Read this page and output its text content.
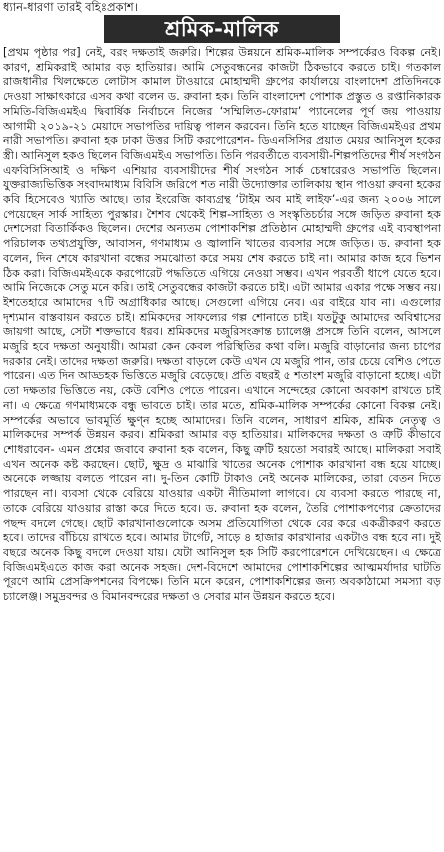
ধ্যান-ধারণা তারই বহিঃপ্রকাশ।
শ্রমিক-মালিক

[প্রথম পৃষ্ঠার পর] নেই, বরং দক্ষতাই জরুরি। শিল্পের উন্নয়নে শ্রমিক-মালিক সম্পর্কেরও বিকল্প নেই। কারণ, শ্রমিকরাই আমার বড় হাতিয়ার। আমি সেতুবন্ধনের কাজটা ঠিকভাবে করতে চাই। গতকাল রাজধানীর খিলক্ষেতে লোটাস কামাল টাওয়ারে মোহাম্মদী গ্রুপের কার্যালয়ে বাংলাদেশ প্রতিদিনকে দেওয়া সাক্ষাৎকারে এসব কথা বলেন ড. রুবানা হক। তিনি বাংলাদেশ পোশাক প্রস্তুত ও রপ্তানিকারক সমিতি-বিজিএমইএ দ্বিবার্ষিক নির্বাচনে নিজের ‘সম্মিলিত-ফোরাম’ প্যানেলের পূর্ণ জয় পাওয়ায় আগামী ২০১৯-২১ মেয়াদে সভাপতির দায়িত্ব পালন করবেন। তিনি হতে যাচ্ছেন বিজিএমইএর প্রথম নারী সভাপতি। রুবানা হক ঢাকা উত্তর সিটি করপোরেশন- ডিএনসিসির প্রয়াত মেয়র আনিসুল হকের স্ত্রী। আনিসুল হকও ছিলেন বিজিএমইএ সভাপতি। তিনি পরবর্তীতে ব্যবসায়ী-শিল্পপতিদের শীর্ষ সংগঠন এফবিসিসিআই ও দক্ষিণ এশিয়ার ব্যবসায়ীদের শীর্ষ সংগঠন সার্ক চেম্বারেরও সভাপতি ছিলেন। যুক্তরাজ্যভিত্তিক সংবাদমাধ্যম বিবিসি জরিপে শত নারী উদ্যোক্তার তালিকায় স্থান পাওয়া রুবনা হকের কবি হিসেবেও খ্যাতি আছে। তার ইংরেজি কাব্যগ্রন্থ ‘টাইম অব মাই লাইফ’-এর জন্য ২০০৬ সালে পেয়েছেন সার্ক সাহিত্য পুরস্কার। শৈশব থেকেই শিল্প-সাহিত্য ও সংস্কৃতিচর্চার সঙ্গে জড়িত রুবানা হক দেশসেরা বিতার্কিকও ছিলেন। দেশের অন্যতম পোশাকশিল্প প্রতিষ্ঠান মোহাম্মদী গ্রুপের এই ব্যবস্থাপনা পরিচালক তথ্যপ্রযুক্তি, আবাসন, গণমাধ্যম ও জ্বালানি খাতের ব্যবসার সঙ্গে জড়িত। ড. রুবানা হক বলেন, দিন শেষে কারখানা বন্ধের সমঝোতা করে সময় শেষ করতে চাই না। আমার কাজ হবে ভিশন ঠিক করা। বিজিএমইএকে করপোরেট পদ্ধতিতে এগিয়ে নেওয়া সম্ভব। এখন পরবর্তী ধাপে যেতে হবে। আমি নিজেকে সেতু মনে করি। তাই সেতুবন্ধের কাজটা করতে চাই। এটা আমার একার পক্ষে সম্ভব নয়। ইশতেহারে আমাদের ৭টি অগ্রাধিকার আছে। সেগুলো এগিয়ে নেব। এর বাইরে যাব না। এগুলোর দৃশ্যমান বাস্তবায়ন করতে চাই। শ্রমিকদের সাফল্যের গল্প শোনাতে চাই। যতটুকু আমাদের অবিশ্বাসের জায়গা আছে, সেটা শক্তভাবে ধরব। শ্রমিকদের মজুরিসংক্রান্ত চ্যালেঞ্জ প্রসঙ্গে তিনি বলেন, আসলে মজুরি হবে দক্ষতা অনুযায়ী। আমরা কেন কেবল পরিস্থিতির কথা বলি। মজুরি বাড়ানোর জন্য চাপের দরকার নেই। তাদের দক্ষতা জরুরি। দক্ষতা বাড়লে কেউ এখন যে মজুরি পান, তার চেয়ে বেশিও পেতে পারেন। এত দিন আড্ডহক ভিত্তিতে মজুরি বেড়েছে। প্রতি বছরই ৫ শতাংশ মজুরি বাড়ানো হচ্ছে। এটা তো দক্ষতার ভিত্তিতে নয়, কেউ বেশিও পেতে পারেন। এখানে সন্দেহের কোনো অবকাশ রাখতে চাই না। এ ক্ষেত্রে গণমাধ্যমকে বন্ধু ভাবতে চাই। তার মতে, শ্রমিক-মালিক সম্পর্কের কোনো বিকল্প নেই। সম্পর্কের অভাবে ভাবমূর্তি ক্ষুণ্ন হচ্ছে আমাদের। তিনি বলেন, সাধারণ শ্রমিক, শ্রমিক নেতৃত্ব ও মালিকদের সম্পর্ক উন্নয়ন করব। শ্রমিকরা আমার বড় হাতিয়ার। মালিকদের দক্ষতা ও ত্রুটি কীভাবে শোধরাবেন- এমন প্রশ্নের জবাবে রুবানা হক বলেন, কিছু ত্রুটি হয়তো সবারই আছে। মালিকরা সবাই এখন অনেক কষ্ট করছেন। ছোট, ক্ষুদ্র ও মাঝারি খাতের অনেক পোশাক কারখানা বন্ধ হয়ে যাচ্ছে। অনেকে লজ্জায় বলতে পারেন না। দু-তিন কোটি টাকাও নেই অনেক মালিকের, তারা বেতন দিতে পারছেন না। ব্যবসা থেকে বেরিয়ে যাওয়ার একটা নীতিমালা লাগবে। যে ব্যবসা করতে পারছে না, তাকে বেরিয়ে যাওয়ার রাস্তা করে দিতে হবে। ড. রুবানা হক বলেন, তৈরি পোশাকপণ্যের ক্রেতাদের পছন্দ বদলে গেছে। ছোট কারখানাগুলোকে অসম প্রতিযোগিতা থেকে বের করে একত্রীকরণ করতে হবে। তাদের বাঁচিয়ে রাখতে হবে। আমার টার্গেট, সাড়ে ৪ হাজার কারখানার একটাও বন্ধ হবে না। দুই বছরে অনেক কিছু বদলে দেওয়া যায়। যেটা আনিসুল হক সিটি করপোরেশনে দেখিয়েছেন। এ ক্ষেত্রে বিজিএমইএতে কাজ করা অনেক সহজ। দেশ-বিদেশে আমাদের পোশাকশিল্পের আত্মমর্যাদার ঘাটতি পূরণে আমি প্রেসক্রিপশনের বিপক্ষে। তিনি মনে করেন, পোশাকশিল্পের জন্য অবকাঠামো সমস্যা বড় চ্যালেঞ্জ। সমুদ্রবন্দর ও বিমানবন্দরের দক্ষতা ও সেবার মান উন্নয়ন করতে হবে।
